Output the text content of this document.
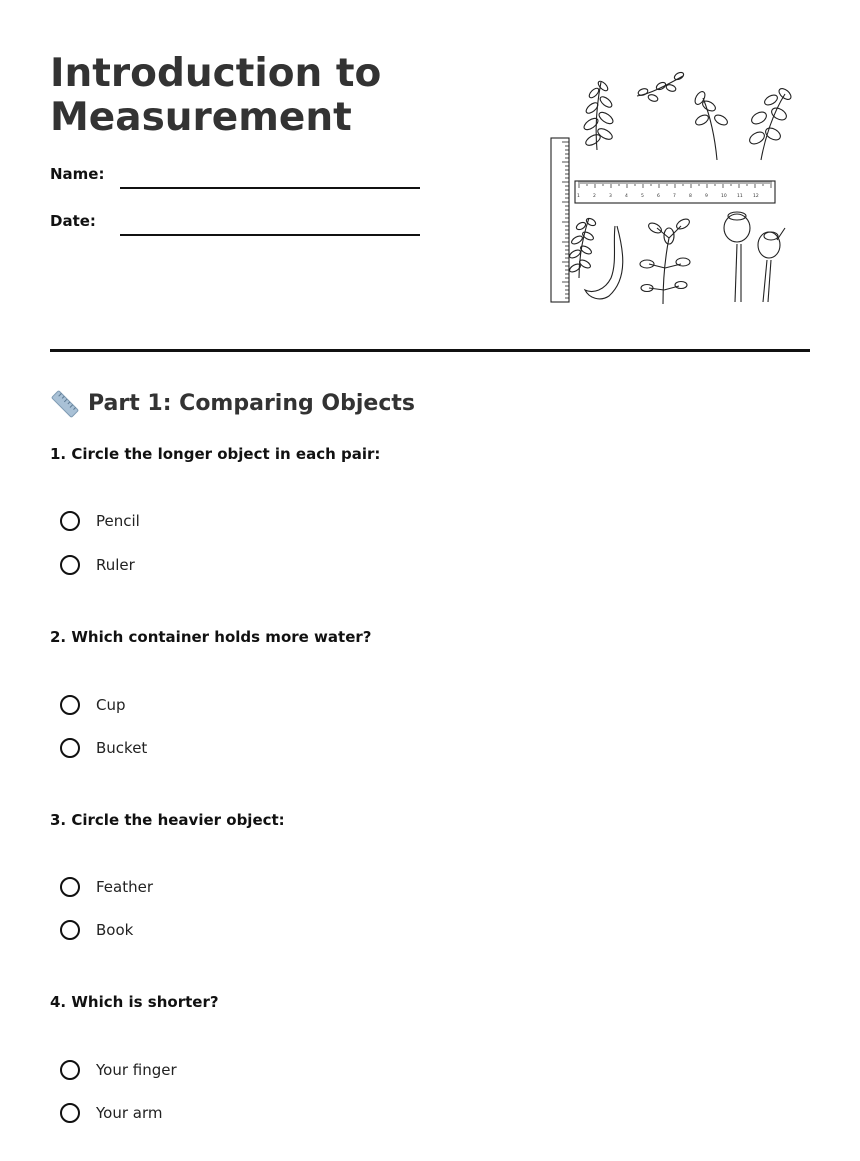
Introduction to Measurement
Name:
Date:
1	2	3	4	5	6	7	8	9	10 11 12
Part 1: Comparing Objects
1. Circle the longer object in each pair:
Pencil
Ruler
2. Which container holds more water?
Cup
Bucket
3. Circle the heavier object:
Feather
Book
4. Which is shorter?
Your finger
Your arm
